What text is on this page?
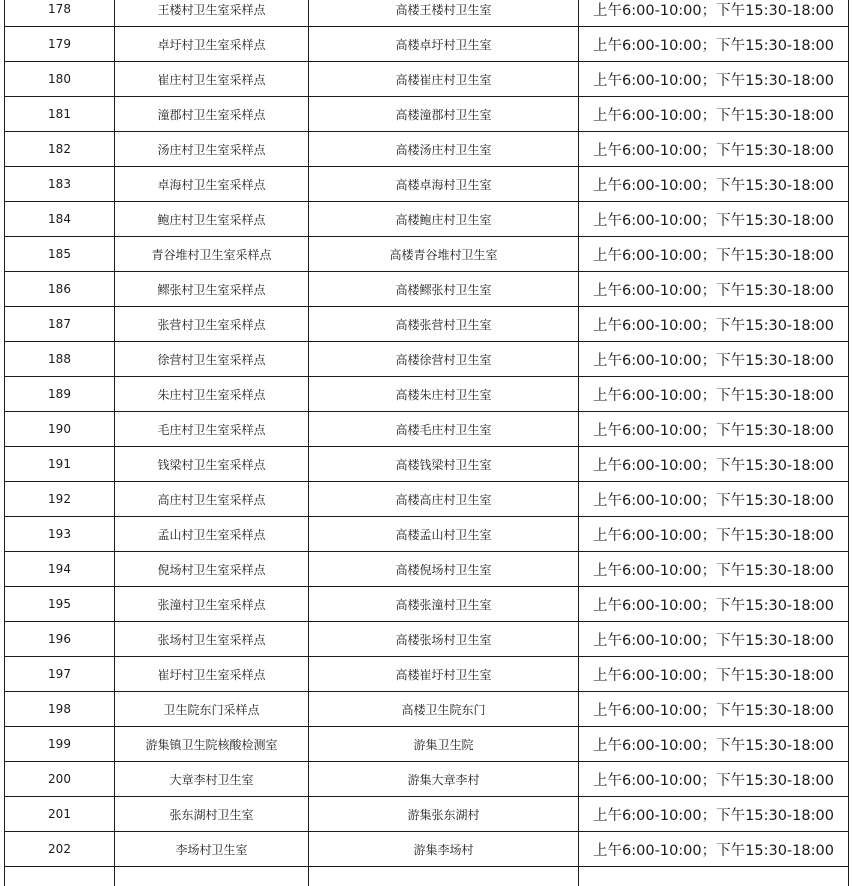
178	王楼村卫生室采样点	高楼王楼村卫生室	上午6:00-10:00；下午15:30-18:00
179	卓圩村卫生室采样点	高楼卓圩村卫生室	上午6:00-10:00；下午15:30-18:00
180	崔庄村卫生室采样点	高楼崔庄村卫生室	上午6:00-10:00；下午15:30-18:00
181	潼郡村卫生室采样点	高楼潼郡村卫生室	上午6:00-10:00；下午15:30-18:00
182	汤庄村卫生室采样点	高楼汤庄村卫生室	上午6:00-10:00；下午15:30-18:00
183	卓海村卫生室采样点	高楼卓海村卫生室	上午6:00-10:00；下午15:30-18:00
184	鲍庄村卫生室采样点	高楼鲍庄村卫生室	上午6:00-10:00；下午15:30-18:00
185	青谷堆村卫生室采样点	高楼青谷堆村卫生室	上午6:00-10:00；下午15:30-18:00
186	鳏张村卫生室采样点	高楼鳏张村卫生室	上午6:00-10:00；下午15:30-18:00
187	张营村卫生室采样点	高楼张营村卫生室	上午6:00-10:00；下午15:30-18:00
188	徐营村卫生室采样点	高楼徐营村卫生室	上午6:00-10:00；下午15:30-18:00
189	朱庄村卫生室采样点	高楼朱庄村卫生室	上午6:00-10:00；下午15:30-18:00
190	毛庄村卫生室采样点	高楼毛庄村卫生室	上午6:00-10:00；下午15:30-18:00
191	钱梁村卫生室采样点	高楼钱梁村卫生室	上午6:00-10:00；下午15:30-18:00
192	高庄村卫生室采样点	高楼高庄村卫生室	上午6:00-10:00；下午15:30-18:00
193	孟山村卫生室采样点	高楼孟山村卫生室	上午6:00-10:00；下午15:30-18:00
194	倪场村卫生室采样点	高楼倪场村卫生室	上午6:00-10:00；下午15:30-18:00
195	张潼村卫生室采样点	高楼张潼村卫生室	上午6:00-10:00；下午15:30-18:00
196	张场村卫生室采样点	高楼张场村卫生室	上午6:00-10:00；下午15:30-18:00
197	崔圩村卫生室采样点	高楼崔圩村卫生室	上午6:00-10:00；下午15:30-18:00
198	卫生院东门采样点	高楼卫生院东门	上午6:00-10:00；下午15:30-18:00
199	游集镇卫生院核酸检测室	游集卫生院	上午6:00-10:00；下午15:30-18:00
200	大章李村卫生室	游集大章李村	上午6:00-10:00；下午15:30-18:00
201	张东湖村卫生室	游集张东湖村	上午6:00-10:00；下午15:30-18:00
202	李场村卫生室	游集李场村	上午6:00-10:00；下午15:30-18:00
